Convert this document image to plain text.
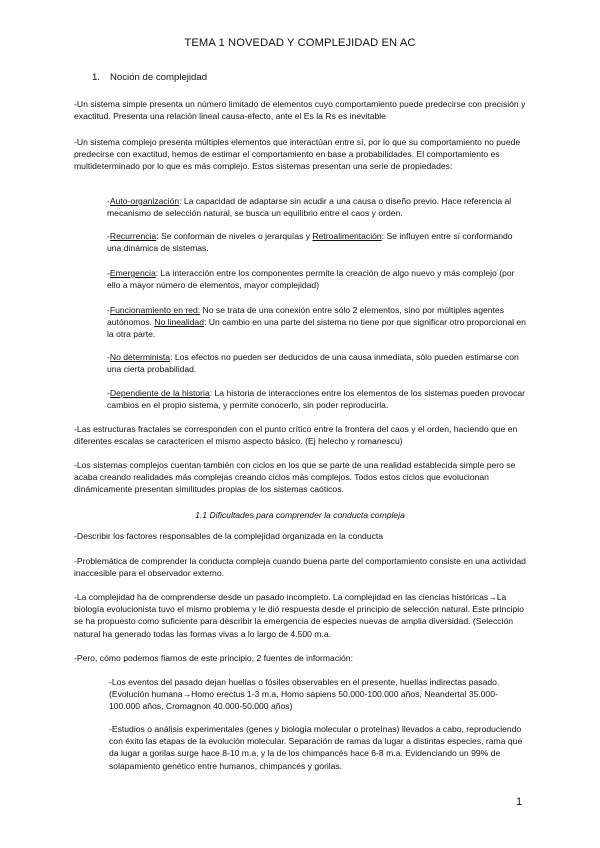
TEMA 1 NOVEDAD Y COMPLEJIDAD EN AC
1. Noción de complejidad

-Un sistema simple presenta un número limitado de elementos cuyo comportamiento puede predecirse con precisión y exactitud. Presenta una relación lineal causa-efecto, ante el Es la Rs es inevitable

-Un sistema complejo presenta múltiples elementos que interactúan entre sí, por lo que su comportamiento no puede predecirse con exactitud, hemos de estimar el comportamiento en base a probabilidades. El comportamiento es multideterminado por lo que es más complejo. Estos sistemas presentan una serie de propiedades:

-Auto-organización: La capacidad de adaptarse sin acudir a una causa o diseño previo. Hace referencia al mecanismo de selección natural, se busca un equilibrio entre el caos y orden.

-Recurrencia: Se conforman de niveles o jerarquías y Retroalimentación: Se influyen entre sí conformando una dinámica de sistemas.

-Emergencia: La interacción entre los componentes permite la creación de algo nuevo y más complejo (por ello a mayor número de elementos, mayor complejidad)

-Funcionamiento en red: No se trata de una conexión entre sólo 2 elementos, sino por múltiples agentes autónomos. No linealidad: Un cambio en una parte del sistema no tiene por que significar otro proporcional en la otra parte.

-No determinista: Los efectos no pueden ser deducidos de una causa inmediata, sólo pueden estimarse con una cierta probabilidad.

-Dependiente de la historia: La historia de interacciones entre los elementos de los sistemas pueden provocar cambios en el propio sistema, y permite conocerlo, sin poder reproducirla.

-Las estructuras fractales se corresponden con el punto crítico entre la frontera del caos y el orden, haciendo que en diferentes escalas se caractericen el mismo aspecto básico. (Ej helecho y romanescu)

-Los sistemas complejos cuentan también con ciclos en los que se parte de una realidad establecida simple pero se acaba creando realidades más complejas creando ciclos más complejos. Todos estos ciclos que evolucionan dinámicamente presentan similitudes propias de los sistemas caóticos.

1.1 Dificultades para comprender la conducta compleja

-Describir los factores responsables de la complejidad organizada en la conducta

-Problemática de comprender la conducta compleja cuando buena parte del comportamiento consiste en una actividad inaccesible para el observador externo.

-La complejidad ha de comprenderse desde un pasado incompleto. La complejidad en las ciencias históricas→La biología evolucionista tuvo el mismo problema y le dió respuesta desde el principio de selección natural. Este principio se ha propuesto como suficiente para describir la emergencia de especies nuevas de amplia diversidad. (Selección natural ha generado todas las formas vivas a lo largo de 4.500 m.a.

-Pero, cómo podemos fiarnos de este principio, 2 fuentes de información:

-Los eventos del pasado dejan huellas o fósiles observables en el presente, huellas indirectas pasado. (Evolución humana→Homo erectus 1-3 m.a, Homo sapiens 50.000-100.000 años, Neandertal 35.000-100.000 años, Cromagnon 40.000-50.000 años)

-Estudios o análisis experimentales (genes y biología molecular o proteínas) llevados a cabo, reproduciendo con éxito las etapas de la evolución molecular. Separación de ramas da lugar a distintas especies, rama que da lugar a gorilas surge hace 8-10 m.a, y la de los chimpancés hace 6-8 m.a. Evidenciando un 99% de solapamiento genético entre humanos, chimpancés y gorilas.

1
